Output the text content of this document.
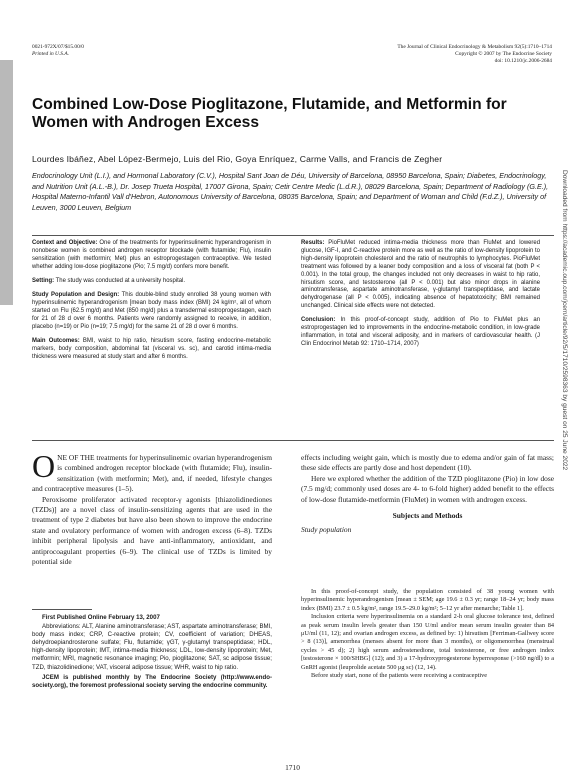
0021-972X/07/$15.00/0
Printed in U.S.A.
The Journal of Clinical Endocrinology & Metabolism 92(5):1710–1714
Copyright © 2007 by The Endocrine Society
doi: 10.1210/jc.2006-2684
Combined Low-Dose Pioglitazone, Flutamide, and Metformin for Women with Androgen Excess
Lourdes Ibáñez, Abel López-Bermejo, Luis del Rio, Goya Enríquez, Carme Valls, and Francis de Zegher
Endocrinology Unit (L.I.), and Hormonal Laboratory (C.V.), Hospital Sant Joan de Déu, University of Barcelona, 08950 Barcelona, Spain; Diabetes, Endocrinology, and Nutrition Unit (A.L.-B.), Dr. Josep Trueta Hospital, 17007 Girona, Spain; Cetir Centre Medic (L.d.R.), 08029 Barcelona, Spain; Department of Radiology (G.E.), Hospital Materno-Infantil Vall d'Hebron, Autonomous University of Barcelona, 08035 Barcelona, Spain; and Department of Woman and Child (F.d.Z.), University of Leuven, 3000 Leuven, Belgium

Context and Objective: One of the treatments for hyperinsulinemic hyperandrogenism in nonobese women is combined androgen receptor blockade (with flutamide; Flu), insulin sensitization (with metformin; Met) plus an estroprogestagen contraceptive. We tested whether adding low-dose pioglitazone (Pio; 7.5 mg/d) confers more benefit.

Setting: The study was conducted at a university hospital.

Study Population and Design: This double-blind study enrolled 38 young women with hyperinsulinemic hyperandrogenism [mean body mass index (BMI) 24 kg/m², all of whom started on Flu (62.5 mg/d) and Met (850 mg/d) plus a transdermal estroprogestagen, each for 21 of 28 d over 6 months. Patients were randomly assigned to receive, in addition, placebo (n=19) or Pio (n=19; 7.5 mg/d) for the same 21 of 28 d over 6 months.

Main Outcomes: BMI, waist to hip ratio, hirsutism score, fasting endocrine-metabolic markers, body composition, abdominal fat (visceral vs. sc), and carotid intima-media thickness were measured at study start and after 6 months.

Results: PioFluMet reduced intima-media thickness more than FluMet and lowered glucose, IGF-I, and C-reactive protein more as well as the ratio of low-density lipoprotein to high-density lipoprotein cholesterol and the ratio of neutrophils to lymphocytes. PioFluMet treatment was followed by a leaner body composition and a loss of visceral fat (both P < 0.001). In the total group, the changes included not only decreases in waist to hip ratio, hirsutism score, and testosterone (all P < 0.001) but also minor drops in alanine aminotransferase, aspartate aminotransferase, γ-glutamyl transpeptidase, and lactate dehydrogenase (all P < 0.005), indicating absence of hepatotoxicity; BMI remained unchanged. Clinical side effects were not detected.

Conclusion: In this proof-of-concept study, addition of Pio to FluMet plus an estroprogestagen led to improvements in the endocrine-metabolic condition, in low-grade inflammation, in total and visceral adiposity, and in markers of cardiovascular health. (J Clin Endocrinol Metab 92: 1710–1714, 2007)	Downloaded from https://academic.oup.com/jcem/article/92/5/1710/2598363 by guest on 25 June 2022

ONE OF THE treatments for hyperinsulinemic ovarian hyperandrogenism is combined androgen receptor blockade (with flutamide; Flu), insulin-sensitization (with metformin; Met), and, if needed, lifestyle changes and contraceptive measures (1–5).

Peroxisome proliferator activated receptor-γ agonists [thiazolidinediones (TZDs)] are a novel class of insulin-sensitizing agents that are used in the treatment of type 2 diabetes but have also been shown to improve the endocrine state and ovulatory performance of women with androgen excess (6–8). TZDs inhibit peripheral lipolysis and have anti-inflammatory, antioxidant, and antiprocoagulant properties (6–9). The clinical use of TZDs is limited by potential side

First Published Online February 13, 2007

Abbreviations: ALT, Alanine aminotransferase; AST, aspartate aminotransferase; BMI, body mass index; CRP, C-reactive protein; CV, coefficient of variation; DHEAS, dehydroepiandrosterone sulfate; Flu, flutamide; γGT, γ-glutamyl transpeptidase; HDL, high-density lipoprotein; IMT, intima-media thickness; LDL, low-density lipoprotein; Met, metformin; MRI, magnetic resonance imaging; Pio, pioglitazone; SAT, sc adipose tissue; TZD, thiazolidinedione; VAT, visceral adipose tissue; WHR, waist to hip ratio.

JCEM is published monthly by The Endocrine Society (http://www.endo-society.org), the foremost professional society serving the endocrine community.

effects including weight gain, which is mostly due to edema and/or gain of fat mass; these side effects are partly dose and host dependent (10).

Here we explored whether the addition of the TZD pioglitazone (Pio) in low dose (7.5 mg/d; commonly used doses are 4- to 6-fold higher) added benefit to the effects of low-dose flutamide-metformin (FluMet) in women with androgen excess.

Subjects and Methods
Study population

In this proof-of-concept study, the population consisted of 38 young women with hyperinsulinemic hyperandrogenism [mean ± SEM; age 19.6 ± 0.3 yr; range 18–24 yr; body mass index (BMI) 23.7 ± 0.5 kg/m², range 19.5–29.0 kg/m²; 5–12 yr after menarche; Table 1].

Inclusion criteria were hyperinsulinemia on a standard 2-h oral glucose tolerance test, defined as peak serum insulin levels greater than 150 U/ml and/or mean serum insulin greater than 84 μU/ml (11, 12); and ovarian androgen excess, as defined by: 1) hirsutism [Ferriman-Gallwey score > 8 (13)], amenorrhea (menses absent for more than 3 months), or oligomenorrhea (menstrual cycles > 45 d); 2) high serum androstenedione, total testosterone, or free androgen index [testosterone × 100/SHBG] (12); and 3) a 17-hydroxyprogesterone hyperresponse (>160 ng/dl) to a GnRH agonist (leuprolide acetate 500 μg sc) (12, 14).

Before study start, none of the patients were receiving a contraceptive

1710
